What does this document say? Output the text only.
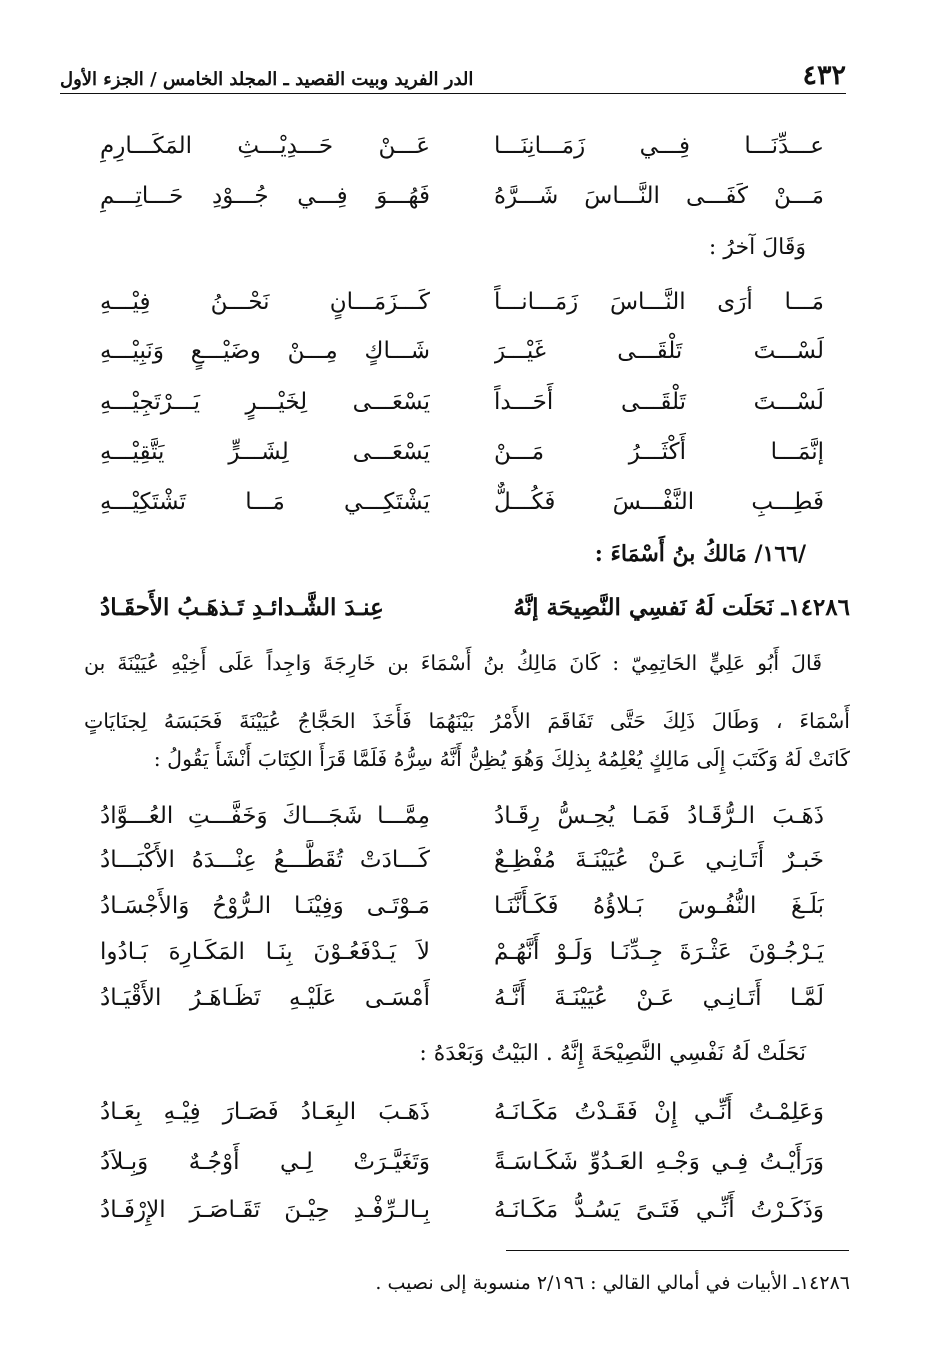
٤٣٢
الدر الفريد وبيت القصيد ـ المجلد الخامس / الجزء الأول
عـــدِّنَـــا فِـــي زَمَـــانِنَـــا
عَـــنْ حَـــدِيْـــثِ المَكَـــارِمِ
مَـــنْ كَفَـــى النَّـــاسَ شَـــرَّهُ
فَهُـــوَ فِـــي جُـــوْدِ حَـــاتِـــمِ
وَقَالَ آخرُ :
مَـــا أرَى النَّـــاسَ زَمَـــانـــاً
كَـــزَمَـــانٍ نَحْـــنُ فِيْـــهِ
لَسْـــتَ تَلْقَـــى غَيْـــرَ
شَـــاكٍ مِـــنْ وضَيْـــعٍ وَنَبِيْـــهِ
لَسْـــتَ تَلْقَـــى أَحَـــداً
يَسْعَـــى لِخَيْـــرٍ يَـــرْتَجِيْـــهِ
إنَّمَـــا أَكْثَـــرُ مَـــنْ
يَسْعَـــى لِشَـــرٍّ يَتَّقِيْـــهِ
فَطِـــبِ النَّفْـــسَ فَكُـــلٌّ
يَشْتَكِـــي مَـــا تَشْتَكِيْـــهِ
/١٦٦/ مَالكُ بنُ أَسْمَاءَ :
١٤٢٨٦ـ نَحَلَت لَهُ نَفسِي النَّصِيحَة إنَّهُ
عِنـدَ الشَّـدائـدِ تَـذهَـبُ الأَحقَـادُ
قَالَ أَبُو عَلِيٍّ الحَاتِمِيّ : كَانَ مَالِكُ بنُ أَسْمَاءَ بن خَارِجَةَ وَاجِداً عَلَى أَخِيْهِ عُيَيْنَةَ بن
أَسْمَاءَ ، وَطَالَ ذَلِكَ حَتَّى تَفَاقَمَ الأَمْرُ بَيْنَهُمَا فَأَخَذَ الحَجَّاجُ عُيَيْنَةَ فَحَبَسَهُ لِجنَايَاتٍ
كَانَتْ لَهُ وَكَتَبَ إِلَى مَالِكٍ يُعْلِمُهُ بِذلِكَ وَهُوَ يُظِنُّ أَنَّهُ سِرُّهُ فَلَمَّا قَرَأَ الكِتَابَ أَنْشَأَ يَقُولُ :
ذَهَـبَ الـرُّقَـادُ فَمَـا يُحِـسُّ رِقَـادُ
مِمَّـــا شَجَـــاكَ وَخَفَّـــتِ العُـــوَّادُ
خَبـرٌ أَتَـانِـي عَـنْ عُيَيْنَـةَ مُفْظِـعٌ
كَـــادَتْ تُقَطَّـــعُ عِنْـــدَهُ الأَكْبَـــادُ
بَلَـغَ النُّفُـوسَ بَـلاؤُهُ فَكَـأَنَّنَـا
مَـوْتَـى وَفِيْنَـا الـرُّوْحُ وَالأَجْسَـادُ
يَـرْجُـوْنَ عَثْـرَةَ جِـدِّنَـا وَلَـوْ أَنَّهُـمْ
لاَ يَـدْفَعُـوْنَ بِنَـا المَكَـارِهَ بَـادُوا
لَمَّـا أَتَـانِـي عَـنْ عُيَيْنَـةَ أَنَّـهُ
أَمْسَـى عَلَيْـهِ تَظَـاهَـرُ الأَقْيَـادُ
نَحَلَتْ لَهُ نَفْسِي النَّصِيْحَةَ إِنَّهُ . البَيْتُ وَبَعْدَهُ :
وَعَلِمْـتُ أَنِّـي إِنْ فَقَـدْتُ مَكَـانَـهُ
ذَهَـبَ البِعَـادُ فَصَـارَ فِيْـهِ بِعَـادُ
وَرَأَيْـتُ فِـي وَجْـهِ العَـدُوِّ شَكَـاسَـةً
وَتَغَيَّـرَتْ لِـي أَوْجُـهٌ وَبِـلاَدُ
وَذَكَـرْتُ أَنِّـي فَتَـىً يَسُـدُّ مَكَـانَـهُ
بِـالـرِّفْـدِ حِيْـنَ تَقَـاصَـرَ الإِرْفَـادُ
١٤٢٨٦ـ الأبيات في أمالي القالي : ٢/١٩٦ منسوبة إلى نصيب .
